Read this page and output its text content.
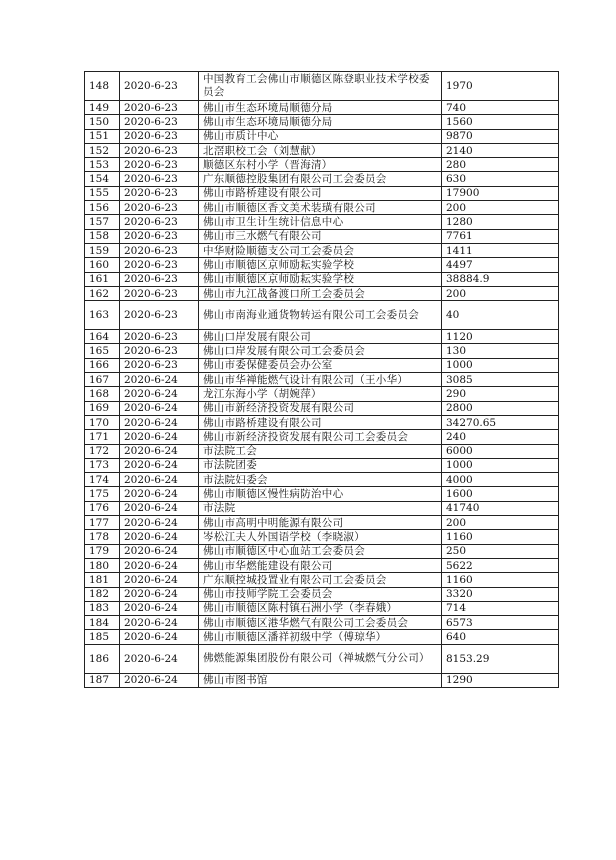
148	2020-6-23	中国教育工会佛山市顺德区陈登职业技术学校委员会	1970
149	2020-6-23	佛山市生态环境局顺德分局	740
150	2020-6-23	佛山市生态环境局顺德分局	1560
151	2020-6-23	佛山市质计中心	9870
152	2020-6-23	北滘职校工会（刘慧献）	2140
153	2020-6-23	顺德区东村小学（晋海清）	280
154	2020-6-23	广东顺德控股集团有限公司工会委员会	630
155	2020-6-23	佛山市路桥建设有限公司	17900
156	2020-6-23	佛山市顺德区香文美术装璜有限公司	200
157	2020-6-23	佛山市卫生计生统计信息中心	1280
158	2020-6-23	佛山市三水燃气有限公司	7761
159	2020-6-23	中华财险顺德支公司工会委员会	1411
160	2020-6-23	佛山市顺德区京师励耘实验学校	4497
161	2020-6-23	佛山市顺德区京师励耘实验学校	38884.9
162	2020-6-23	佛山市九江战备渡口所工会委员会	200
163	2020-6-23	佛山市南海业通货物转运有限公司工会委员会	40
164	2020-6-23	佛山口岸发展有限公司	1120
165	2020-6-23	佛山口岸发展有限公司工会委员会	130
166	2020-6-23	佛山市委保健委员会办公室	1000
167	2020-6-24	佛山市华禅能燃气设计有限公司（王小华）	3085
168	2020-6-24	龙江东海小学（胡婉萍）	290
169	2020-6-24	佛山市新经济投资发展有限公司	2800
170	2020-6-24	佛山市路桥建设有限公司	34270.65
171	2020-6-24	佛山市新经济投资发展有限公司工会委员会	240
172	2020-6-24	市法院工会	6000
173	2020-6-24	市法院团委	1000
174	2020-6-24	市法院妇委会	4000
175	2020-6-24	佛山市顺德区慢性病防治中心	1600
176	2020-6-24	市法院	41740
177	2020-6-24	佛山市高明中明能源有限公司	200
178	2020-6-24	岑松江夫人外国语学校（李晓淑）	1160
179	2020-6-24	佛山市顺德区中心血站工会委员会	250
180	2020-6-24	佛山市华燃能建设有限公司	5622
181	2020-6-24	广东顺控城投置业有限公司工会委员会	1160
182	2020-6-24	佛山市技师学院工会委员会	3320
183	2020-6-24	佛山市顺德区陈村镇石洲小学（李春娥）	714
184	2020-6-24	佛山市顺德区港华燃气有限公司工会委员会	6573
185	2020-6-24	佛山市顺德区潘祥初级中学（傅琼华）	640
186	2020-6-24	佛燃能源集团股份有限公司（禅城燃气分公司）	8153.29
187	2020-6-24	佛山市图书馆	1290
